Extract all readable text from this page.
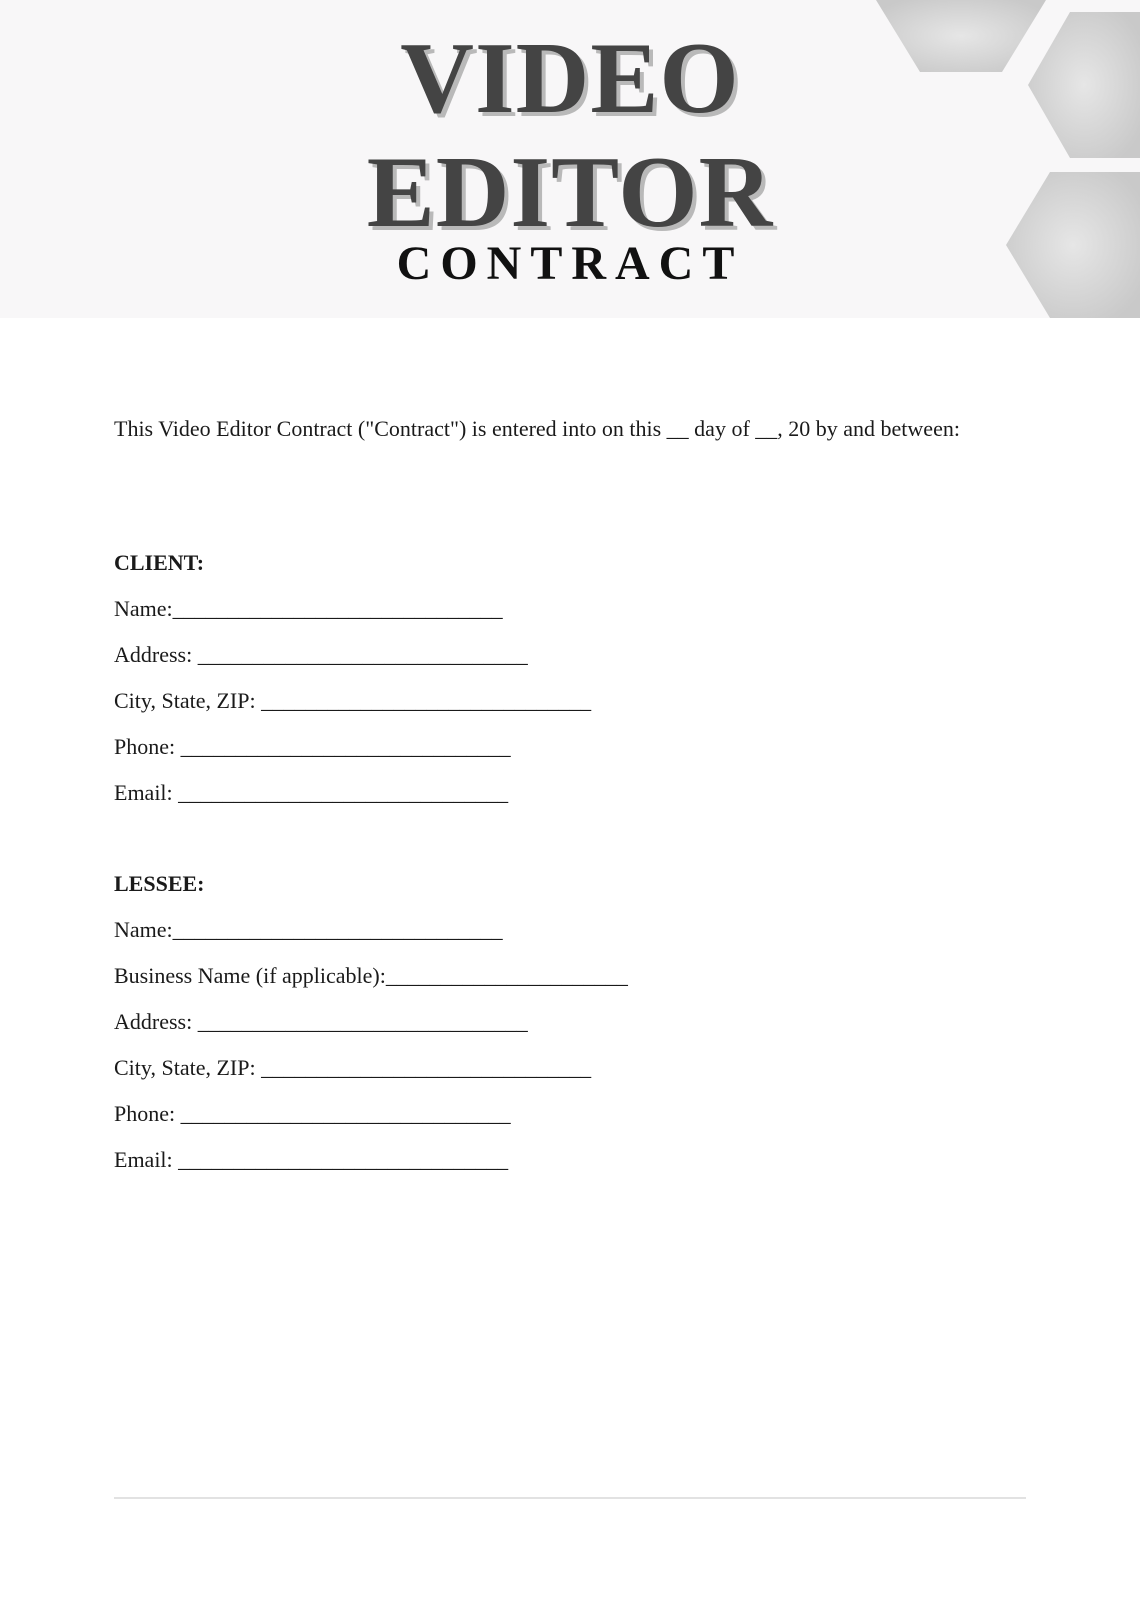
VIDEO
EDITOR
CONTRACT

This Video Editor Contract ("Contract") is entered into on this __ day of __, 20 by and between:

CLIENT:

Name:______________________________
Address: ______________________________
City, State, ZIP: ______________________________
Phone: ______________________________
Email: ______________________________

LESSEE:

Name:______________________________
Business Name (if applicable):______________________
Address: ______________________________
City, State, ZIP: ______________________________
Phone: ______________________________
Email: ______________________________
